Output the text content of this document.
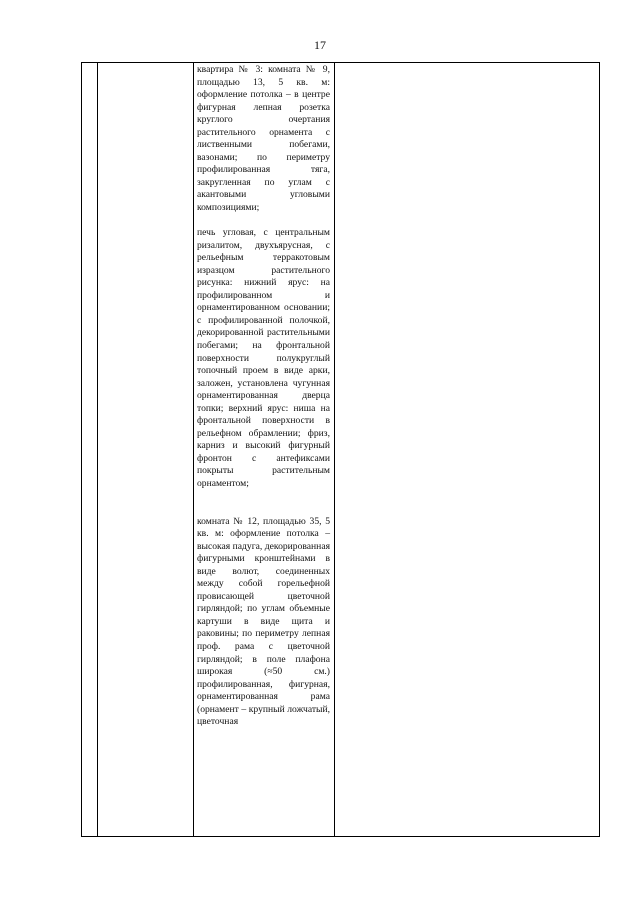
17

квартира № 3: комната № 9, площадью 13, 5 кв. м: оформление потолка – в центре фигурная лепная розетка круглого очертания растительного орнамента с лиственными побегами, вазонами; по периметру профилированная тяга, закругленная по углам с акантовыми угловыми композициями;

печь угловая, с центральным ризалитом, двухъярусная, с рельефным терракотовым изразцом растительного рисунка: нижний ярус: на профилированном и орнаментированном основании; с профилированной полочкой, декорированной растительными побегами; на фронтальной поверхности полукруглый топочный проем в виде арки, заложен, установлена чугунная орнаментированная дверца топки; верхний ярус: ниша на фронтальной поверхности в рельефном обрамлении; фриз, карниз и высокий фигурный фронтон с антефиксами покрыты растительным орнаментом;

комната № 12, площадью 35, 5 кв. м: оформление потолка – высокая падуга, декорированная фигурными кронштейнами в виде волют, соединенных между собой горельефной провисающей цветочной гирляндой; по углам объемные картуши в виде щита и раковины; по периметру лепная проф. рама с цветочной гирляндой; в поле плафона широкая (≈50 см.) профилированная, фигурная, орнаментированная рама (орнамент – крупный ложчатый, цветочная
